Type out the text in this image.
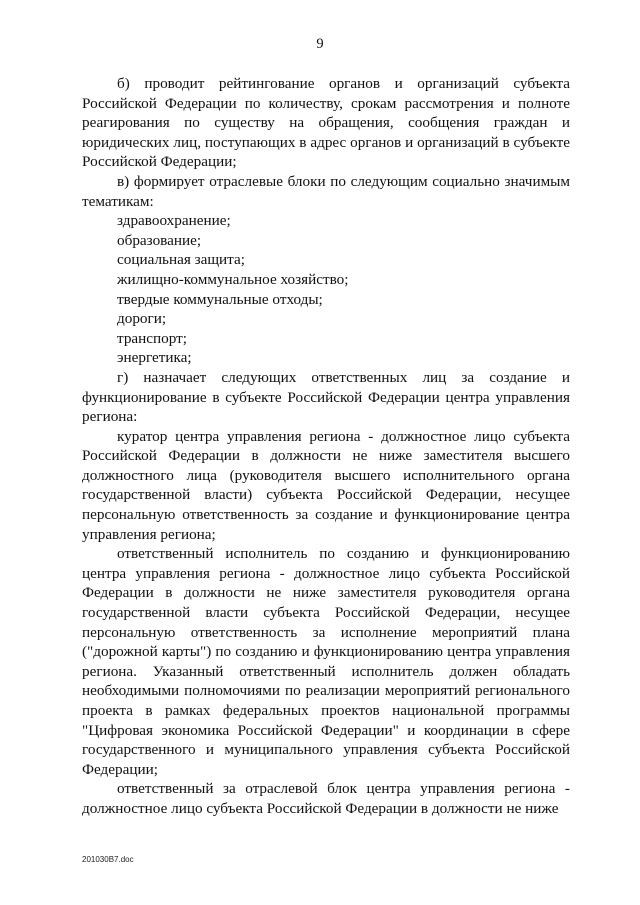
9

б) проводит рейтингование органов и организаций субъекта Российской Федерации по количеству, срокам рассмотрения и полноте реагирования по существу на обращения, сообщения граждан и юридических лиц, поступающих в адрес органов и организаций в субъекте Российской Федерации;

в) формирует отраслевые блоки по следующим социально значимым тематикам:

здравоохранение;

образование;

социальная защита;

жилищно-коммунальное хозяйство;

твердые коммунальные отходы;

дороги;

транспорт;

энергетика;

г) назначает следующих ответственных лиц за создание и функционирование в субъекте Российской Федерации центра управления региона:

куратор центра управления региона - должностное лицо субъекта Российской Федерации в должности не ниже заместителя высшего должностного лица (руководителя высшего исполнительного органа государственной власти) субъекта Российской Федерации, несущее персональную ответственность за создание и функционирование центра управления региона;

ответственный исполнитель по созданию и функционированию центра управления региона - должностное лицо субъекта Российской Федерации в должности не ниже заместителя руководителя органа государственной власти субъекта Российской Федерации, несущее персональную ответственность за исполнение мероприятий плана ("дорожной карты") по созданию и функционированию центра управления региона. Указанный ответственный исполнитель должен обладать необходимыми полномочиями по реализации мероприятий регионального проекта в рамках федеральных проектов национальной программы "Цифровая экономика Российской Федерации" и координации в сфере государственного и муниципального управления субъекта Российской Федерации;

ответственный за отраслевой блок центра управления региона - должностное лицо субъекта Российской Федерации в должности не ниже

201030В7.doc
